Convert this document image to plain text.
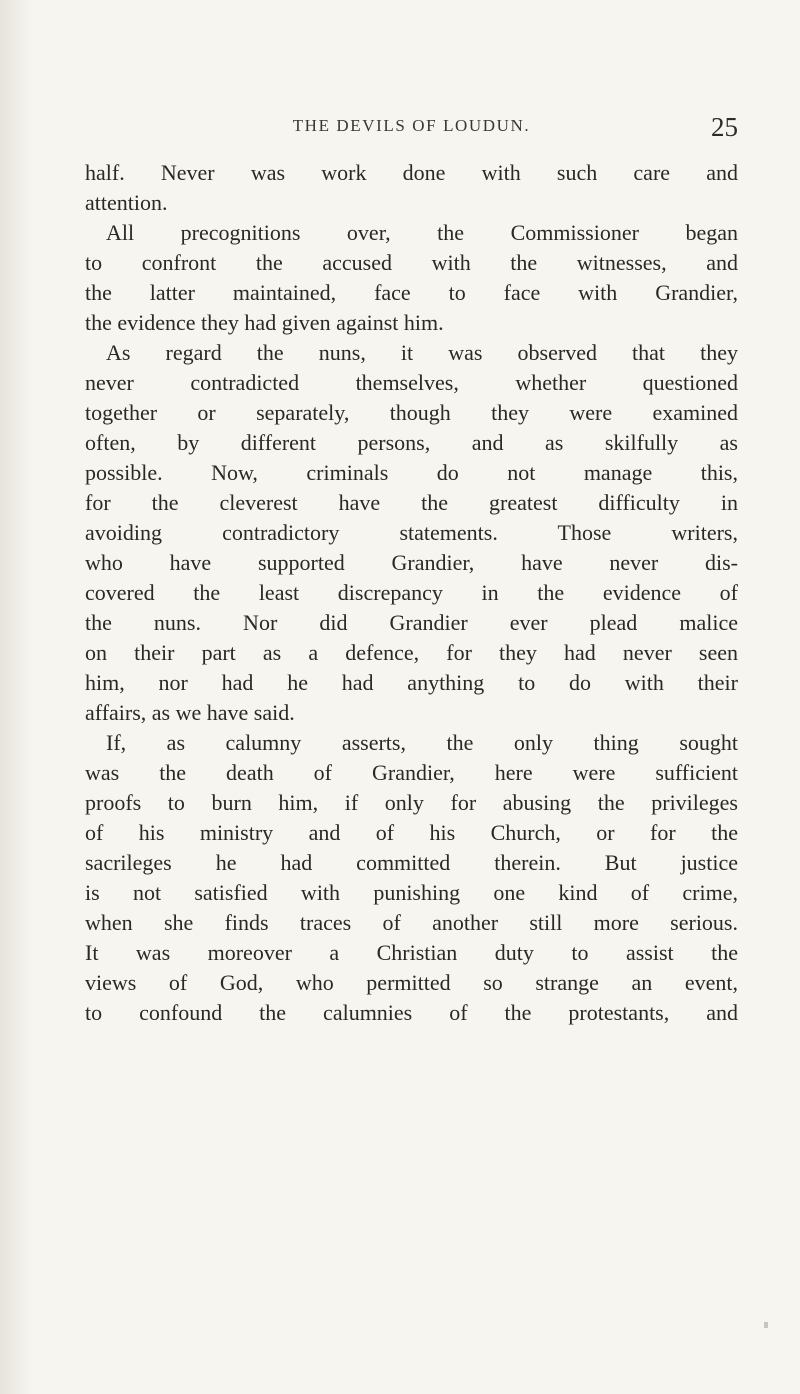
THE DEVILS OF LOUDUN.	25
half. Never was work done with such care and
attention.
All precognitions over, the Commissioner began
to confront the accused with the witnesses, and
the latter maintained, face to face with Grandier,
the evidence they had given against him.
As regard the nuns, it was observed that they
never contradicted themselves, whether questioned
together or separately, though they were examined
often, by different persons, and as skilfully as
possible. Now, criminals do not manage this,
for the cleverest have the greatest difficulty in
avoiding contradictory statements. Those writers,
who have supported Grandier, have never dis-
covered the least discrepancy in the evidence of
the nuns. Nor did Grandier ever plead malice
on their part as a defence, for they had never seen
him, nor had he had anything to do with their
affairs, as we have said.
If, as calumny asserts, the only thing sought
was the death of Grandier, here were sufficient
proofs to burn him, if only for abusing the privileges
of his ministry and of his Church, or for the
sacrileges he had committed therein. But justice
is not satisfied with punishing one kind of crime,
when she finds traces of another still more serious.
It was moreover a Christian duty to assist the
views of God, who permitted so strange an event,
to confound the calumnies of the protestants, and
